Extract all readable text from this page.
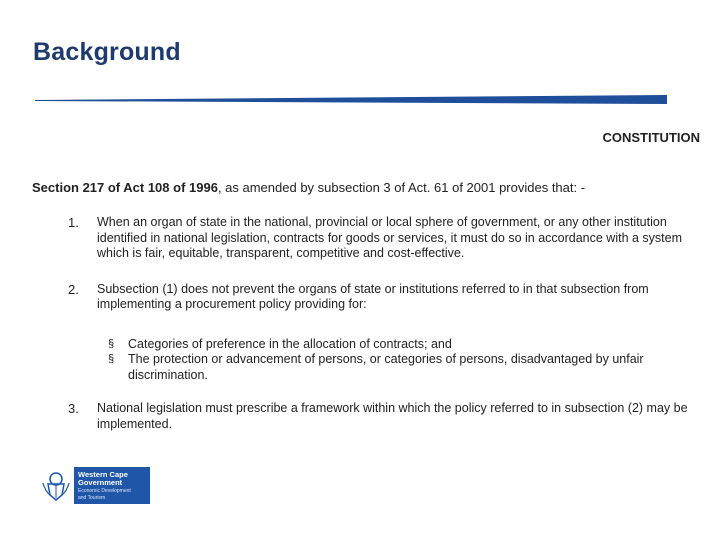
Background
CONSTITUTION
Section 217 of Act 108 of 1996, as amended by subsection 3 of Act. 61 of 2001 provides that: -
1. When an organ of state in the national, provincial or local sphere of government, or any other institution identified in national legislation, contracts for goods or services, it must do so in accordance with a system which is fair, equitable, transparent, competitive and cost-effective.
2. Subsection (1) does not prevent the organs of state or institutions referred to in that subsection from implementing a procurement policy providing for:
§ Categories of preference in the allocation of contracts; and
§ The protection or advancement of persons, or categories of persons, disadvantaged by unfair discrimination.
3. National legislation must prescribe a framework within which the policy referred to in subsection (2) may be implemented.
Western Cape
Government
Economic Development
and Tourism
